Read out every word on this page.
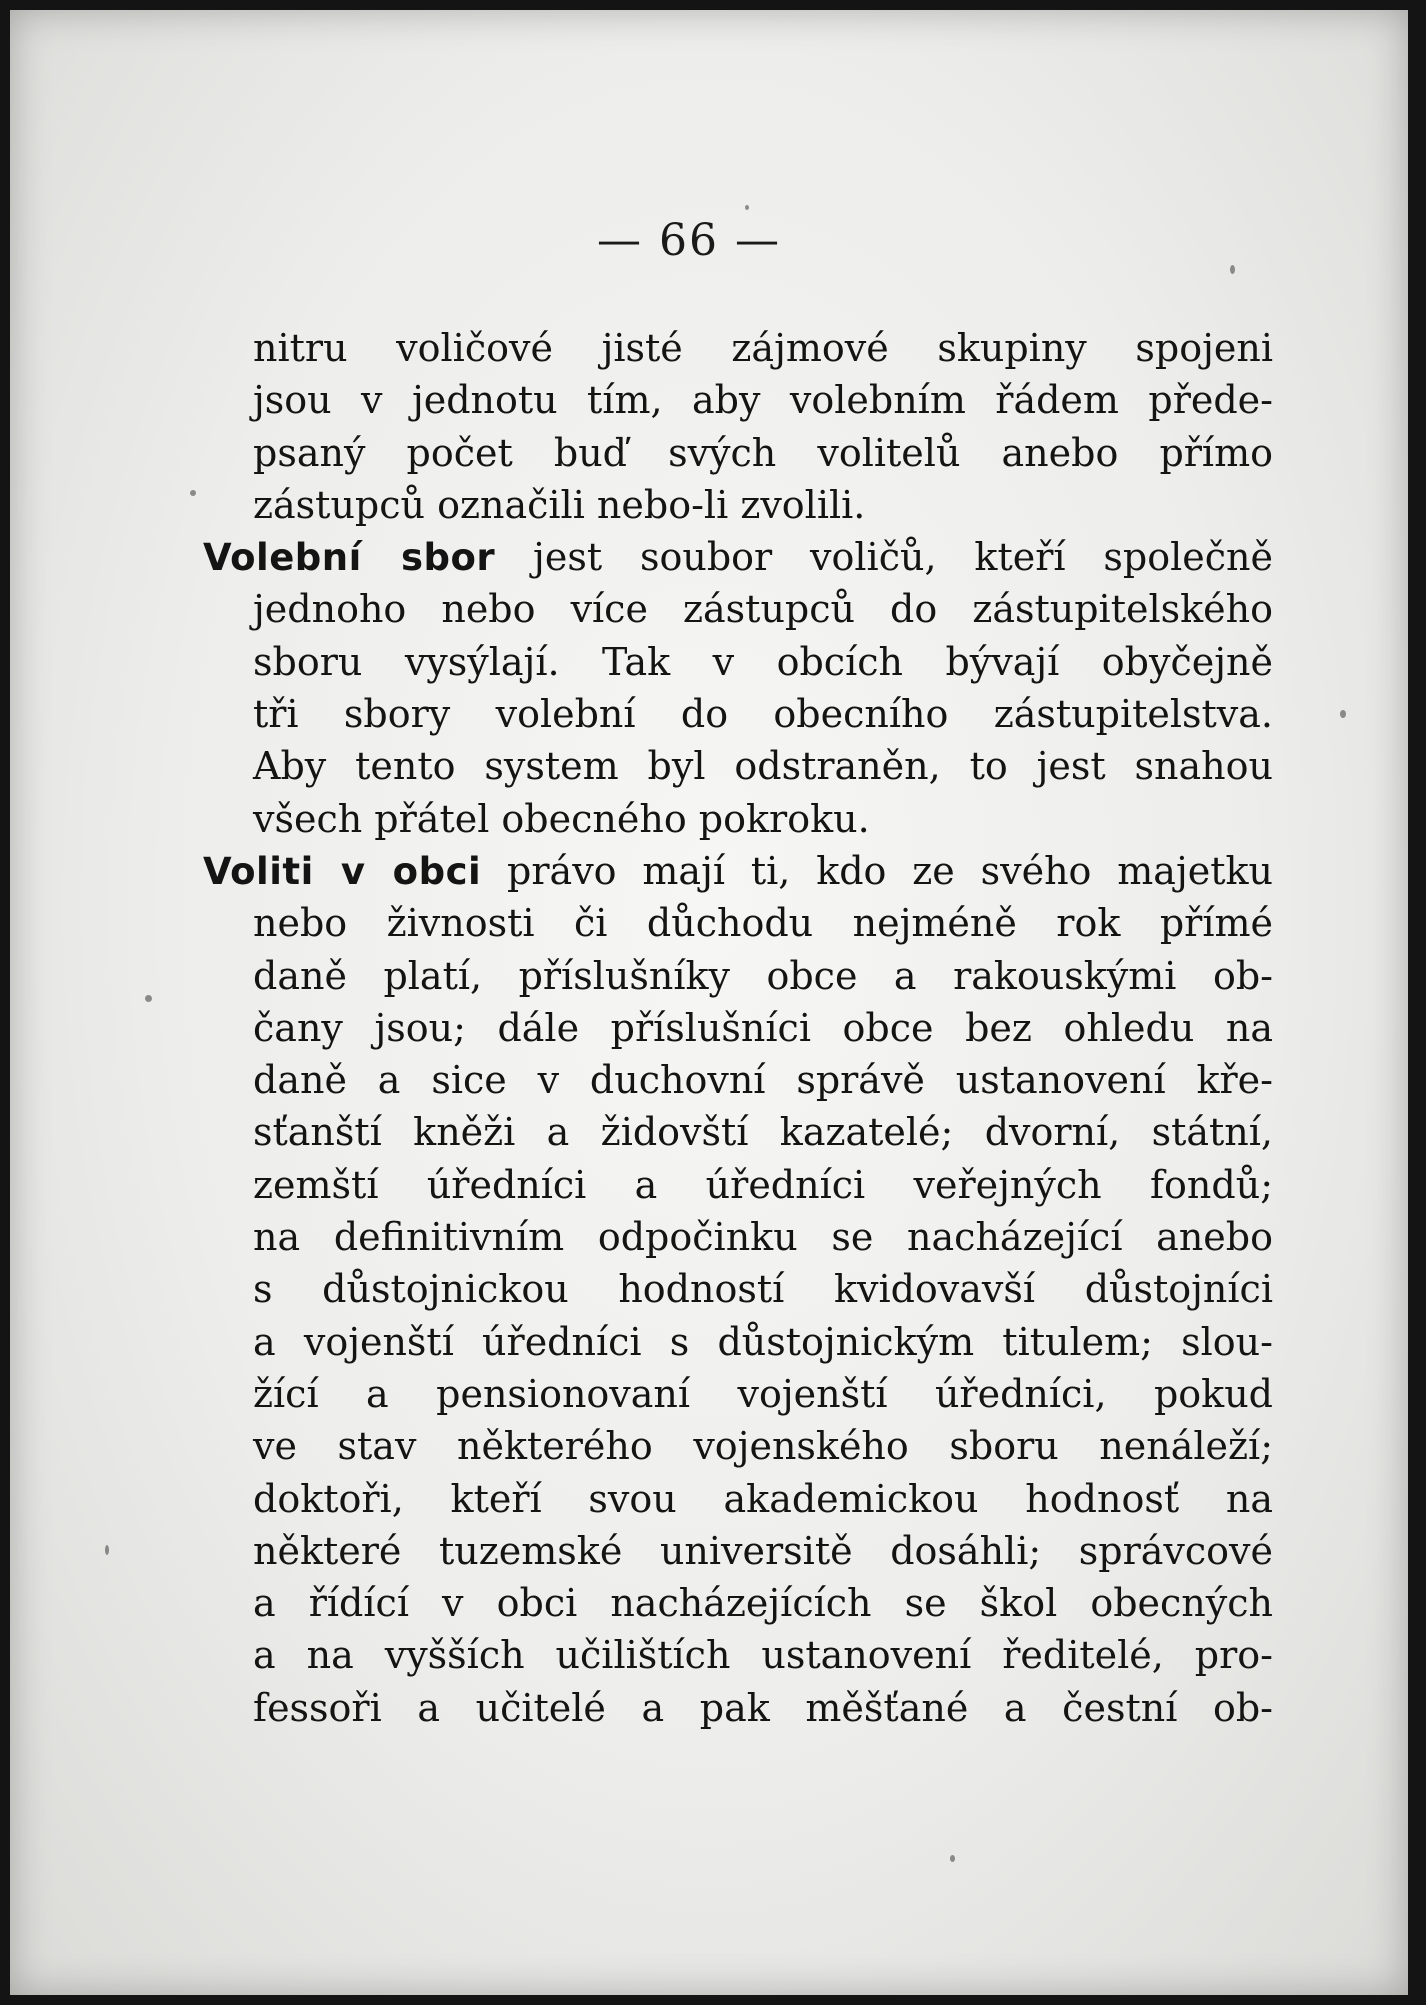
— 66 —
nitru voličové jisté zájmové skupiny spojeni
jsou v jednotu tím, aby volebním řádem přede-
psaný počet buď svých volitelů anebo přímo
zástupců označili nebo-li zvolili.
Volební sbor jest soubor voličů, kteří společně
jednoho nebo více zástupců do zástupitelského
sboru vysýlají. Tak v obcích bývají obyčejně
tři sbory volební do obecního zástupitelstva.
Aby tento system byl odstraněn, to jest snahou
všech přátel obecného pokroku.
Voliti v obci právo mají ti, kdo ze svého majetku
nebo živnosti či důchodu nejméně rok přímé
daně platí, příslušníky obce a rakouskými ob-
čany jsou; dále příslušníci obce bez ohledu na
daně a sice v duchovní správě ustanovení kře-
sťanští kněži a židovští kazatelé; dvorní, státní,
zemští úředníci a úředníci veřejných fondů;
na definitivním odpočinku se nacházející anebo
s důstojnickou hodností kvidovavší důstojníci
a vojenští úředníci s důstojnickým titulem; slou-
žící a pensionovaní vojenští úředníci, pokud
ve stav některého vojenského sboru nenáleží;
doktoři, kteří svou akademickou hodnosť na
některé tuzemské universitě dosáhli; správcové
a řídící v obci nacházejících se škol obecných
a na vyšších učilištích ustanovení ředitelé, pro-
fessoři a učitelé a pak měšťané a čestní ob-
